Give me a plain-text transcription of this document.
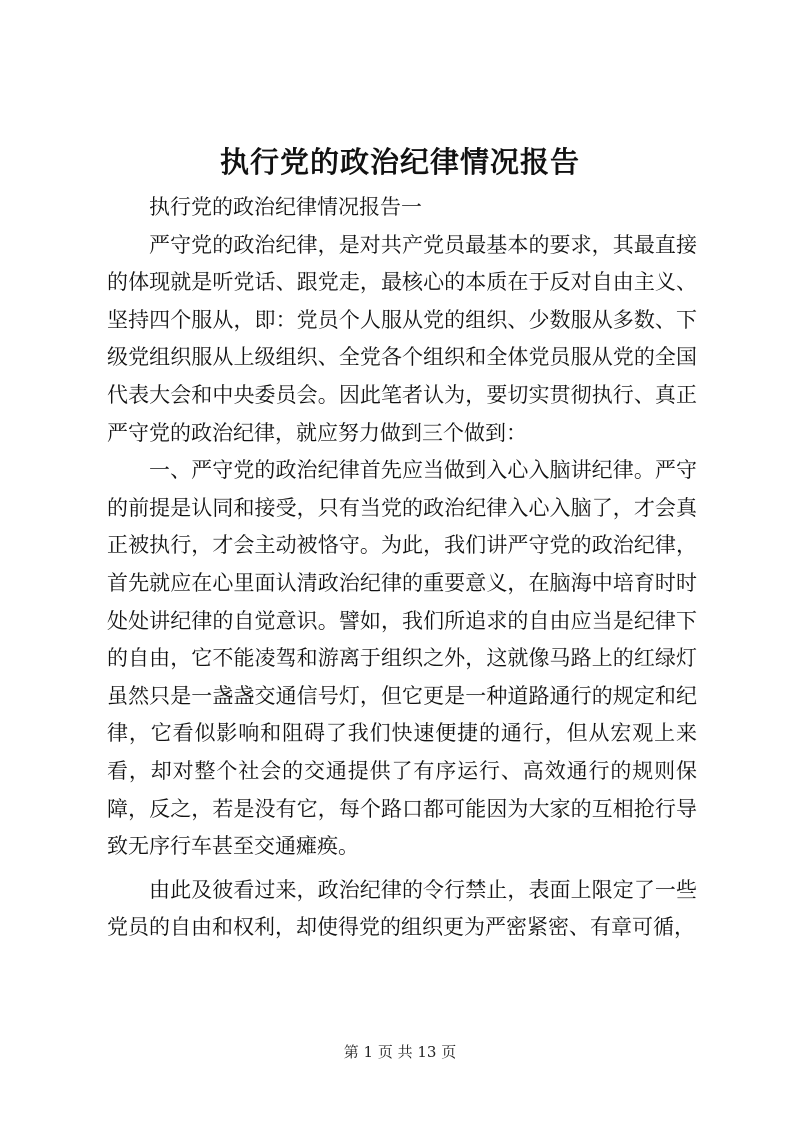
执行党的政治纪律情况报告

执行党的政治纪律情况报告一

严守党的政治纪律，是对共产党员最基本的要求，其最直接的体现就是听党话、跟党走，最核心的本质在于反对自由主义、坚持四个服从，即：党员个人服从党的组织、少数服从多数、下级党组织服从上级组织、全党各个组织和全体党员服从党的全国代表大会和中央委员会。因此笔者认为，要切实贯彻执行、真正严守党的政治纪律，就应努力做到三个做到：

一、严守党的政治纪律首先应当做到入心入脑讲纪律。严守的前提是认同和接受，只有当党的政治纪律入心入脑了，才会真正被执行，才会主动被恪守。为此，我们讲严守党的政治纪律，首先就应在心里面认清政治纪律的重要意义，在脑海中培育时时处处讲纪律的自觉意识。譬如，我们所追求的自由应当是纪律下的自由，它不能凌驾和游离于组织之外，这就像马路上的红绿灯虽然只是一盏盏交通信号灯，但它更是一种道路通行的规定和纪律，它看似影响和阻碍了我们快速便捷的通行，但从宏观上来看，却对整个社会的交通提供了有序运行、高效通行的规则保障，反之，若是没有它，每个路口都可能因为大家的互相抢行导致无序行车甚至交通瘫痪。

由此及彼看过来，政治纪律的令行禁止，表面上限定了一些党员的自由和权利，却使得党的组织更为严密紧密、有章可循，

第 1 页 共 13 页
